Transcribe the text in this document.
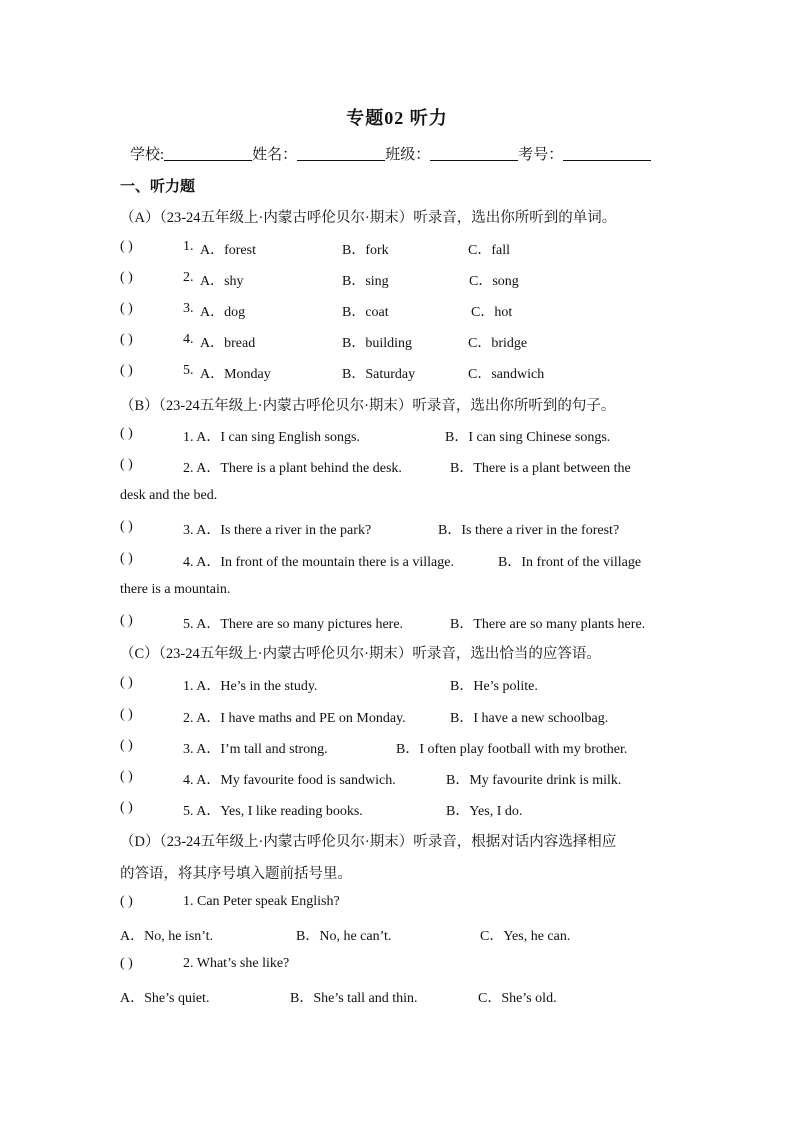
专题02 听力
学校:	姓名：	班级：	考号：
一、听力题
（A）（23-24五年级上·内蒙古呼伦贝尔·期末）听录音，选出你所听到的单词。
( )	1. A．forest	B．fork	C．fall
( )	2. A．shy	B．sing	C．song
( )	3. A．dog	B．coat	C．hot
( )	4. A．bread	B．building	C．bridge
( )	5. A．Monday	B．Saturday	C．sandwich
（B）（23-24五年级上·内蒙古呼伦贝尔·期末）听录音，选出你所听到的句子。
( )	1. A．I can sing English songs.	B．I can sing Chinese songs.
( )	2. A．There is a plant behind the desk.	B．There is a plant between the
desk and the bed.
( )	3. A．Is there a river in the park?	B．Is there a river in the forest?
( )	4. A．In front of the mountain there is a village.	B．In front of the village
there is a mountain.
( )	5. A．There are so many pictures here.	B．There are so many plants here.
（C）（23-24五年级上·内蒙古呼伦贝尔·期末）听录音，选出恰当的应答语。
( )	1. A．He’s in the study.	B．He’s polite.
( )	2. A．I have maths and PE on Monday.	B．I have a new schoolbag.
( )	3. A．I’m tall and strong.	B．I often play football with my brother.
( )	4. A．My favourite food is sandwich.	B．My favourite drink is milk.
( )	5. A．Yes, I like reading books.	B．Yes, I do.
（D）（23-24五年级上·内蒙古呼伦贝尔·期末）听录音，根据对话内容选择相应
的答语，将其序号填入题前括号里。
( )	1. Can Peter speak English?
A．No, he isn’t.	B．No, he can’t.	C．Yes, he can.
( )	2. What’s she like?
A．She’s quiet.	B．She’s tall and thin.	C．She’s old.
